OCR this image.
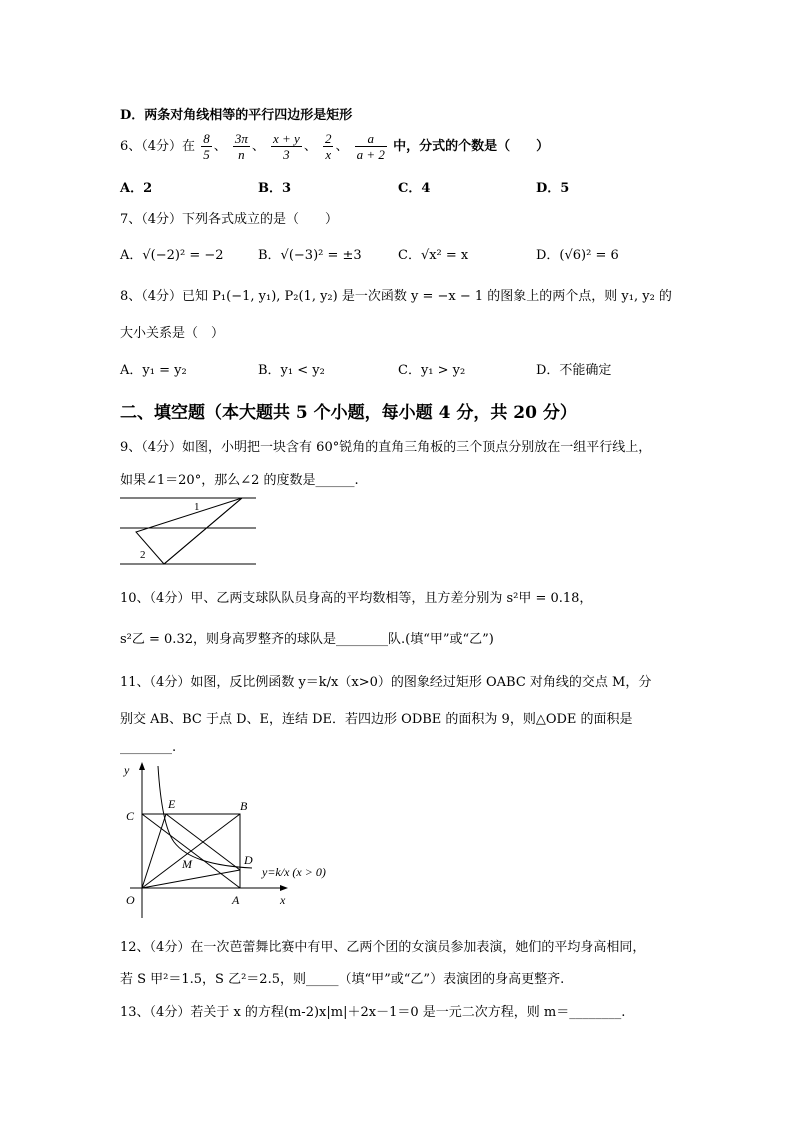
D．两条对角线相等的平行四边形是矩形
6、（4分）在 $\frac{8}{5}$ 、 $\frac{3\pi}{n}$ 、 $\frac{x + y}{3}$ 、 $\frac{2}{x}$ 、 $\frac{a}{a + 2}$ 中，分式的个数是（　　）
A．2	B．3	C．4	D．5
7、（4分）下列各式成立的是（　　）
A．√(−2)² = −2	B．√(−3)² = ±3	C．√x² = x	D．(√6)² = 6
8、（4分）已知 P₁(−1, y₁), P₂(1, y₂) 是一次函数 y = −x − 1 的图象上的两个点，则 y₁, y₂ 的
大小关系是（　）
A．y₁ = y₂	B．y₁ < y₂	C．y₁ > y₂	D．不能确定
二、填空题（本大题共 5 个小题，每小题 4 分，共 20 分）
9、（4分）如图，小明把一块含有 60°锐角的直角三角板的三个顶点分别放在一组平行线上，
如果∠1＝20°，那么∠2 的度数是______.
1
2
10、（4分）甲、乙两支球队队员身高的平均数相等，且方差分别为 s²甲 = 0.18，
s²乙 = 0.32，则身高罗整齐的球队是________队.(填“甲”或“乙”)
11、（4分）如图，反比例函数 y＝k/x（x>0）的图象经过矩形 OABC 对角线的交点 M，分
别交 AB、BC 于点 D、E，连结 DE．若四边形 ODBE 的面积为 9，则△ODE 的面积是
________.
y
C
E	B
M	D
y=k/x (x > 0)
O	A	x
12、（4分）在一次芭蕾舞比赛中有甲、乙两个团的女演员参加表演，她们的平均身高相同，
若 S 甲²＝1.5，S 乙²＝2.5，则_____（填“甲”或“乙”）表演团的身高更整齐.
13、（4分）若关于 x 的方程(m-2)x|m|＋2x－1＝0 是一元二次方程，则 m＝________.
